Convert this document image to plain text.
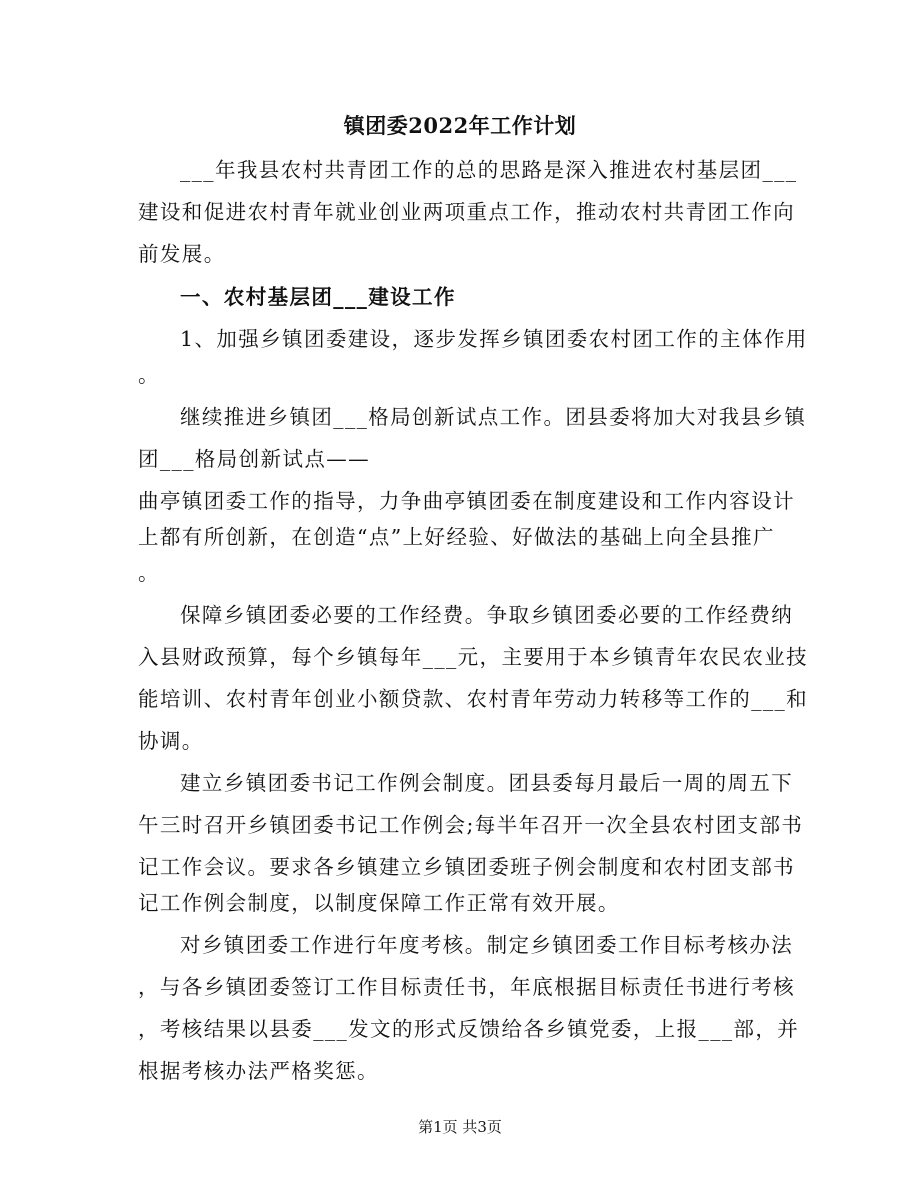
镇团委2022年工作计划
___年我县农村共青团工作的总的思路是深入推进农村基层团___
建设和促进农村青年就业创业两项重点工作，推动农村共青团工作向
前发展。
一、农村基层团___建设工作
1、加强乡镇团委建设，逐步发挥乡镇团委农村团工作的主体作用
。
继续推进乡镇团___格局创新试点工作。团县委将加大对我县乡镇
团___格局创新试点——
曲亭镇团委工作的指导，力争曲亭镇团委在制度建设和工作内容设计
上都有所创新，在创造“点”上好经验、好做法的基础上向全县推广
。
保障乡镇团委必要的工作经费。争取乡镇团委必要的工作经费纳
入县财政预算，每个乡镇每年___元，主要用于本乡镇青年农民农业技
能培训、农村青年创业小额贷款、农村青年劳动力转移等工作的___和
协调。
建立乡镇团委书记工作例会制度。团县委每月最后一周的周五下
午三时召开乡镇团委书记工作例会;每半年召开一次全县农村团支部书
记工作会议。要求各乡镇建立乡镇团委班子例会制度和农村团支部书
记工作例会制度，以制度保障工作正常有效开展。
对乡镇团委工作进行年度考核。制定乡镇团委工作目标考核办法
，与各乡镇团委签订工作目标责任书，年底根据目标责任书进行考核
，考核结果以县委___发文的形式反馈给各乡镇党委，上报___部，并
根据考核办法严格奖惩。
第1页 共3页
